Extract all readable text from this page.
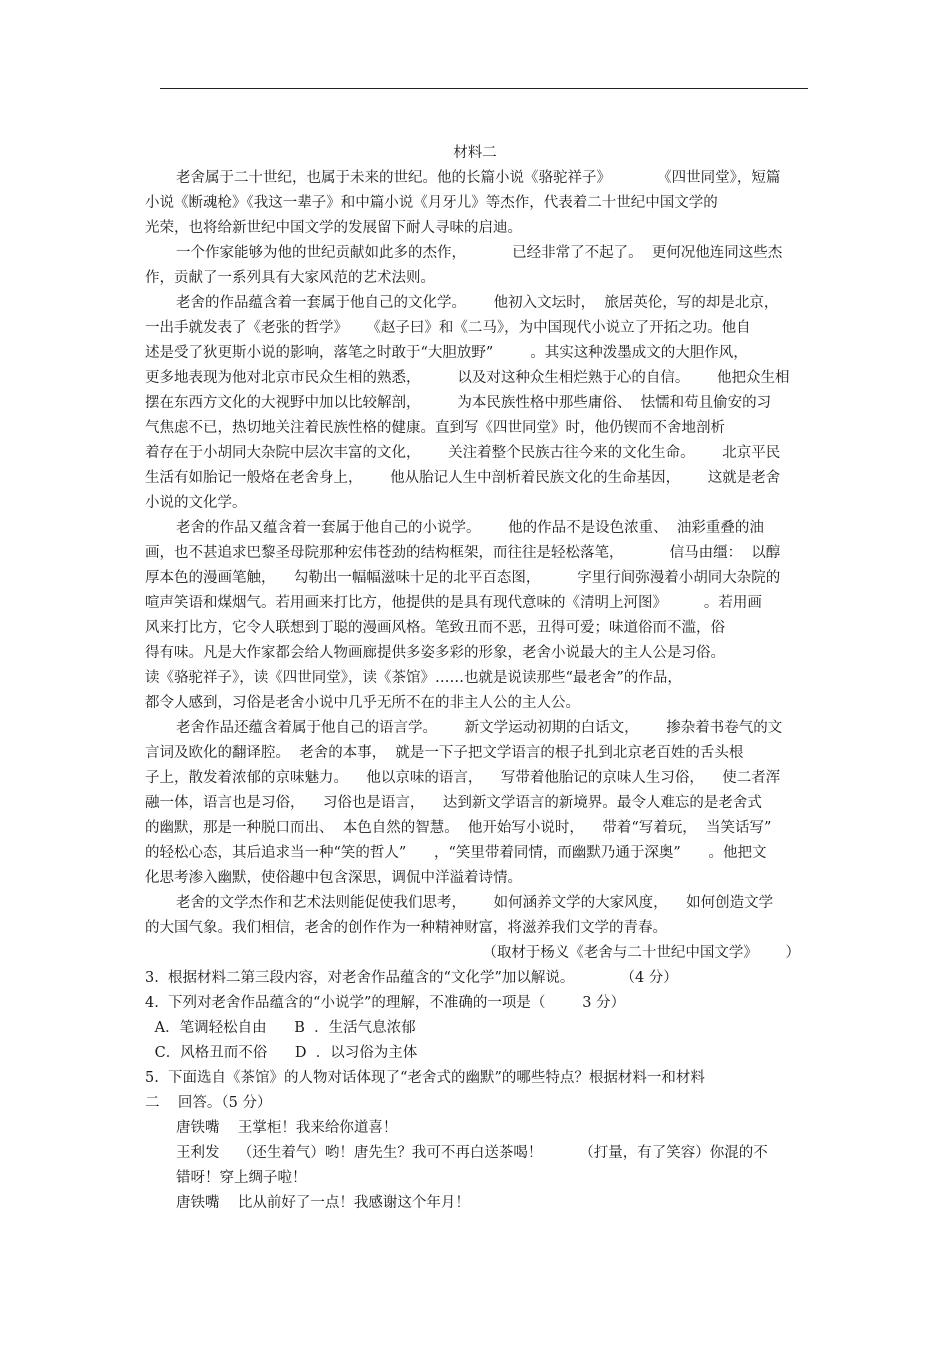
材料二
老舍属于二十世纪，也属于未来的世纪。他的长篇小说《骆驼祥子》          《四世同堂》，短篇
小说《断魂枪》《我这一辈子》和中篇小说《月牙儿》等杰作，代表着二十世纪中国文学的
光荣，也将给新世纪中国文学的发展留下耐人寻味的启迪。
一个作家能够为他的世纪贡献如此多的杰作，          已经非常了不起了。  更何况他连同这些杰
作，贡献了一系列具有大家风范的艺术法则。
老舍的作品蕴含着一套属于他自己的文化学。      他初入文坛时，  旅居英伦，写的却是北京，
一出手就发表了《老张的哲学》    《赵子曰》和《二马》，为中国现代小说立了开拓之功。他自
述是受了狄更斯小说的影响，落笔之时敢于“大胆放野”        。其实这种泼墨成文的大胆作风，
更多地表现为他对北京市民众生相的熟悉，        以及对这种众生相烂熟于心的自信。      他把众生相
摆在东西方文化的大视野中加以比较解剖，        为本民族性格中那些庸俗、  怯懦和苟且偷安的习
气焦虑不已，热切地关注着民族性格的健康。直到写《四世同堂》时，他仍锲而不舍地剖析
着存在于小胡同大杂院中层次丰富的文化，      关注着整个民族古往今来的文化生命。      北京平民
生活有如胎记一般烙在老舍身上，      他从胎记人生中剖析着民族文化的生命基因，      这就是老舍
小说的文化学。
老舍的作品又蕴含着一套属于他自己的小说学。      他的作品不是设色浓重、  油彩重叠的油
画，也不甚追求巴黎圣母院那种宏伟苍劲的结构框架，而往往是轻松落笔，          信马由缰：  以醇
厚本色的漫画笔触，    勾勒出一幅幅滋味十足的北平百态图，        字里行间弥漫着小胡同大杂院的
喧声笑语和煤烟气。若用画来打比方，他提供的是具有现代意味的《清明上河图》        。若用画
风来打比方，它令人联想到丁聪的漫画风格。笔致丑而不恶，丑得可爱；味道俗而不滥，俗
得有味。凡是大作家都会给人物画廊提供多姿多彩的形象，老舍小说最大的主人公是习俗。
读《骆驼祥子》，读《四世同堂》，读《茶馆》……也就是说读那些“最老舍”的作品，
都令人感到，习俗是老舍小说中几乎无所不在的非主人公的主人公。
老舍作品还蕴含着属于他自己的语言学。      新文学运动初期的白话文，      掺杂着书卷气的文
言词及欧化的翻译腔。  老舍的本事，  就是一下子把文学语言的根子扎到北京老百姓的舌头根
子上，散发着浓郁的京味魅力。    他以京味的语言，    写带着他胎记的京味人生习俗，    使二者浑
融一体，语言也是习俗，    习俗也是语言，    达到新文学语言的新境界。最令人难忘的是老舍式
的幽默，那是一种脱口而出、  本色自然的智慧。  他开始写小说时，    带着“写着玩，  当笑话写”
的轻松心态，其后追求当一种“笑的哲人”      ，“笑里带着同情，而幽默乃通于深奥”      。他把文
化思考渗入幽默，使俗趣中包含深思，调侃中洋溢着诗情。
老舍的文学杰作和艺术法则能促使我们思考，      如何涵养文学的大家风度，    如何创造文学
的大国气象。我们相信，老舍的创作作为一种精神财富，将滋养我们文学的青春。
（取材于杨义《老舍与二十世纪中国文学》      ）
3.  根据材料二第三段内容，对老舍作品蕴含的“文化学”加以解说。          （4 分）
4.  下列对老舍作品蕴含的“小说学”的理解，不准确的一项是（        3 分）
A．笔调轻松自由      B  ．生活气息浓郁
C．风格丑而不俗      D  ．以习俗为主体
5.  下面选自《茶馆》的人物对话体现了“老舍式的幽默”的哪些特点？根据材料一和材料
二    回答。（5 分）
唐铁嘴    王掌柜！我来给你道喜！
王利发    （还生着气）哟！唐先生？我可不再白送茶喝！        （打量，有了笑容）你混的不
错呀！穿上绸子啦！
唐铁嘴    比从前好了一点！我感谢这个年月！
